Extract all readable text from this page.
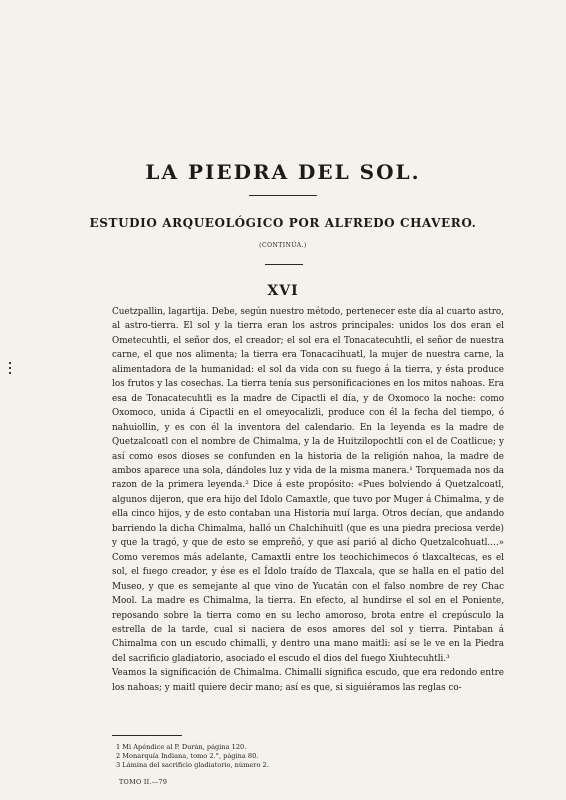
LA PIEDRA DEL SOL.
ESTUDIO ARQUEOLÓGICO POR ALFREDO CHAVERO.
(CONTINÚA.)
XVI

Cuetzpallin, lagartija. Debe, según nuestro método, pertenecer este día al cuarto astro, al astro-tierra. El sol y la tierra eran los astros principales: unidos los dos eran el Ometecuhtli, el señor dos, el creador; el sol era el Tonacatecuhtli, el señor de nuestra carne, el que nos alimenta; la tierra era Tonacacihuatl, la mujer de nuestra carne, la alimentadora de la humanidad: el sol da vida con su fuego á la tierra, y ésta produce los frutos y las cosechas. La tierra tenía sus personificaciones en los mitos nahoas. Era esa de Tonacatecuhtli es la madre de Cipactli el día, y de Oxomoco la noche: como Oxomoco, unida á Cipactli en el omeyocalizli, produce con él la fecha del tiempo, ó nahuiollin, y es con él la inventora del calendario. En la leyenda es la madre de Quetzalcoatl con el nombre de Chimalma, y la de Huitzilopochtli con el de Coatlicue; y así como esos dioses se confunden en la historia de la religión nahoa, la madre de ambos aparece una sola, dándoles luz y vida de la misma manera.¹ Torquemada nos da razon de la primera leyenda.² Dice á este propósito: «Pues bolviendo á Quetzalcoatl, algunos dijeron, que era hijo del Idolo Camaxtle, que tuvo por Muger á Chimalma, y de ella cinco hijos, y de esto contaban una Historia muí larga. Otros decían, que andando barriendo la dicha Chimalma, halló un Chalchihuitl (que es una piedra preciosa verde) y que la tragó, y que de esto se empreñó, y que así parió al dicho Quetzalcohuatl....» Como veremos más adelante, Camaxtli entre los teochichimecos ó tlaxcaltecas, es el sol, el fuego creador, y ése es el Ídolo traído de Tlaxcala, que se halla en el patio del Museo, y que es semejante al que vino de Yucatán con el falso nombre de rey Chac Mool. La madre es Chimalma, la tierra. En efecto, al hundirse el sol en el Poniente, reposando sobre la tierra como en su lecho amoroso, brota entre el crepúsculo la estrella de la tarde, cual si naciera de esos amores del sol y tierra. Pintaban á Chimalma con un escudo chimalli, y dentro una mano maitli: así se le ve en la Piedra del sacrificio gladiatorio, asociado el escudo el dios del fuego Xiuhtecuhtli.³

Veamos la significación de Chimalma. Chimalli significa escudo, que era redondo entre los nahoas; y maitl quiere decir mano; así es que, si siguiéramos las reglas co-

1 Mi Apéndice al P. Durán, página 120.
2 Monarquía Indiana, tomo 2.°, página 80.
3 Lámina del sacrificio gladiatorio, número 2.
TOMO II.—79
